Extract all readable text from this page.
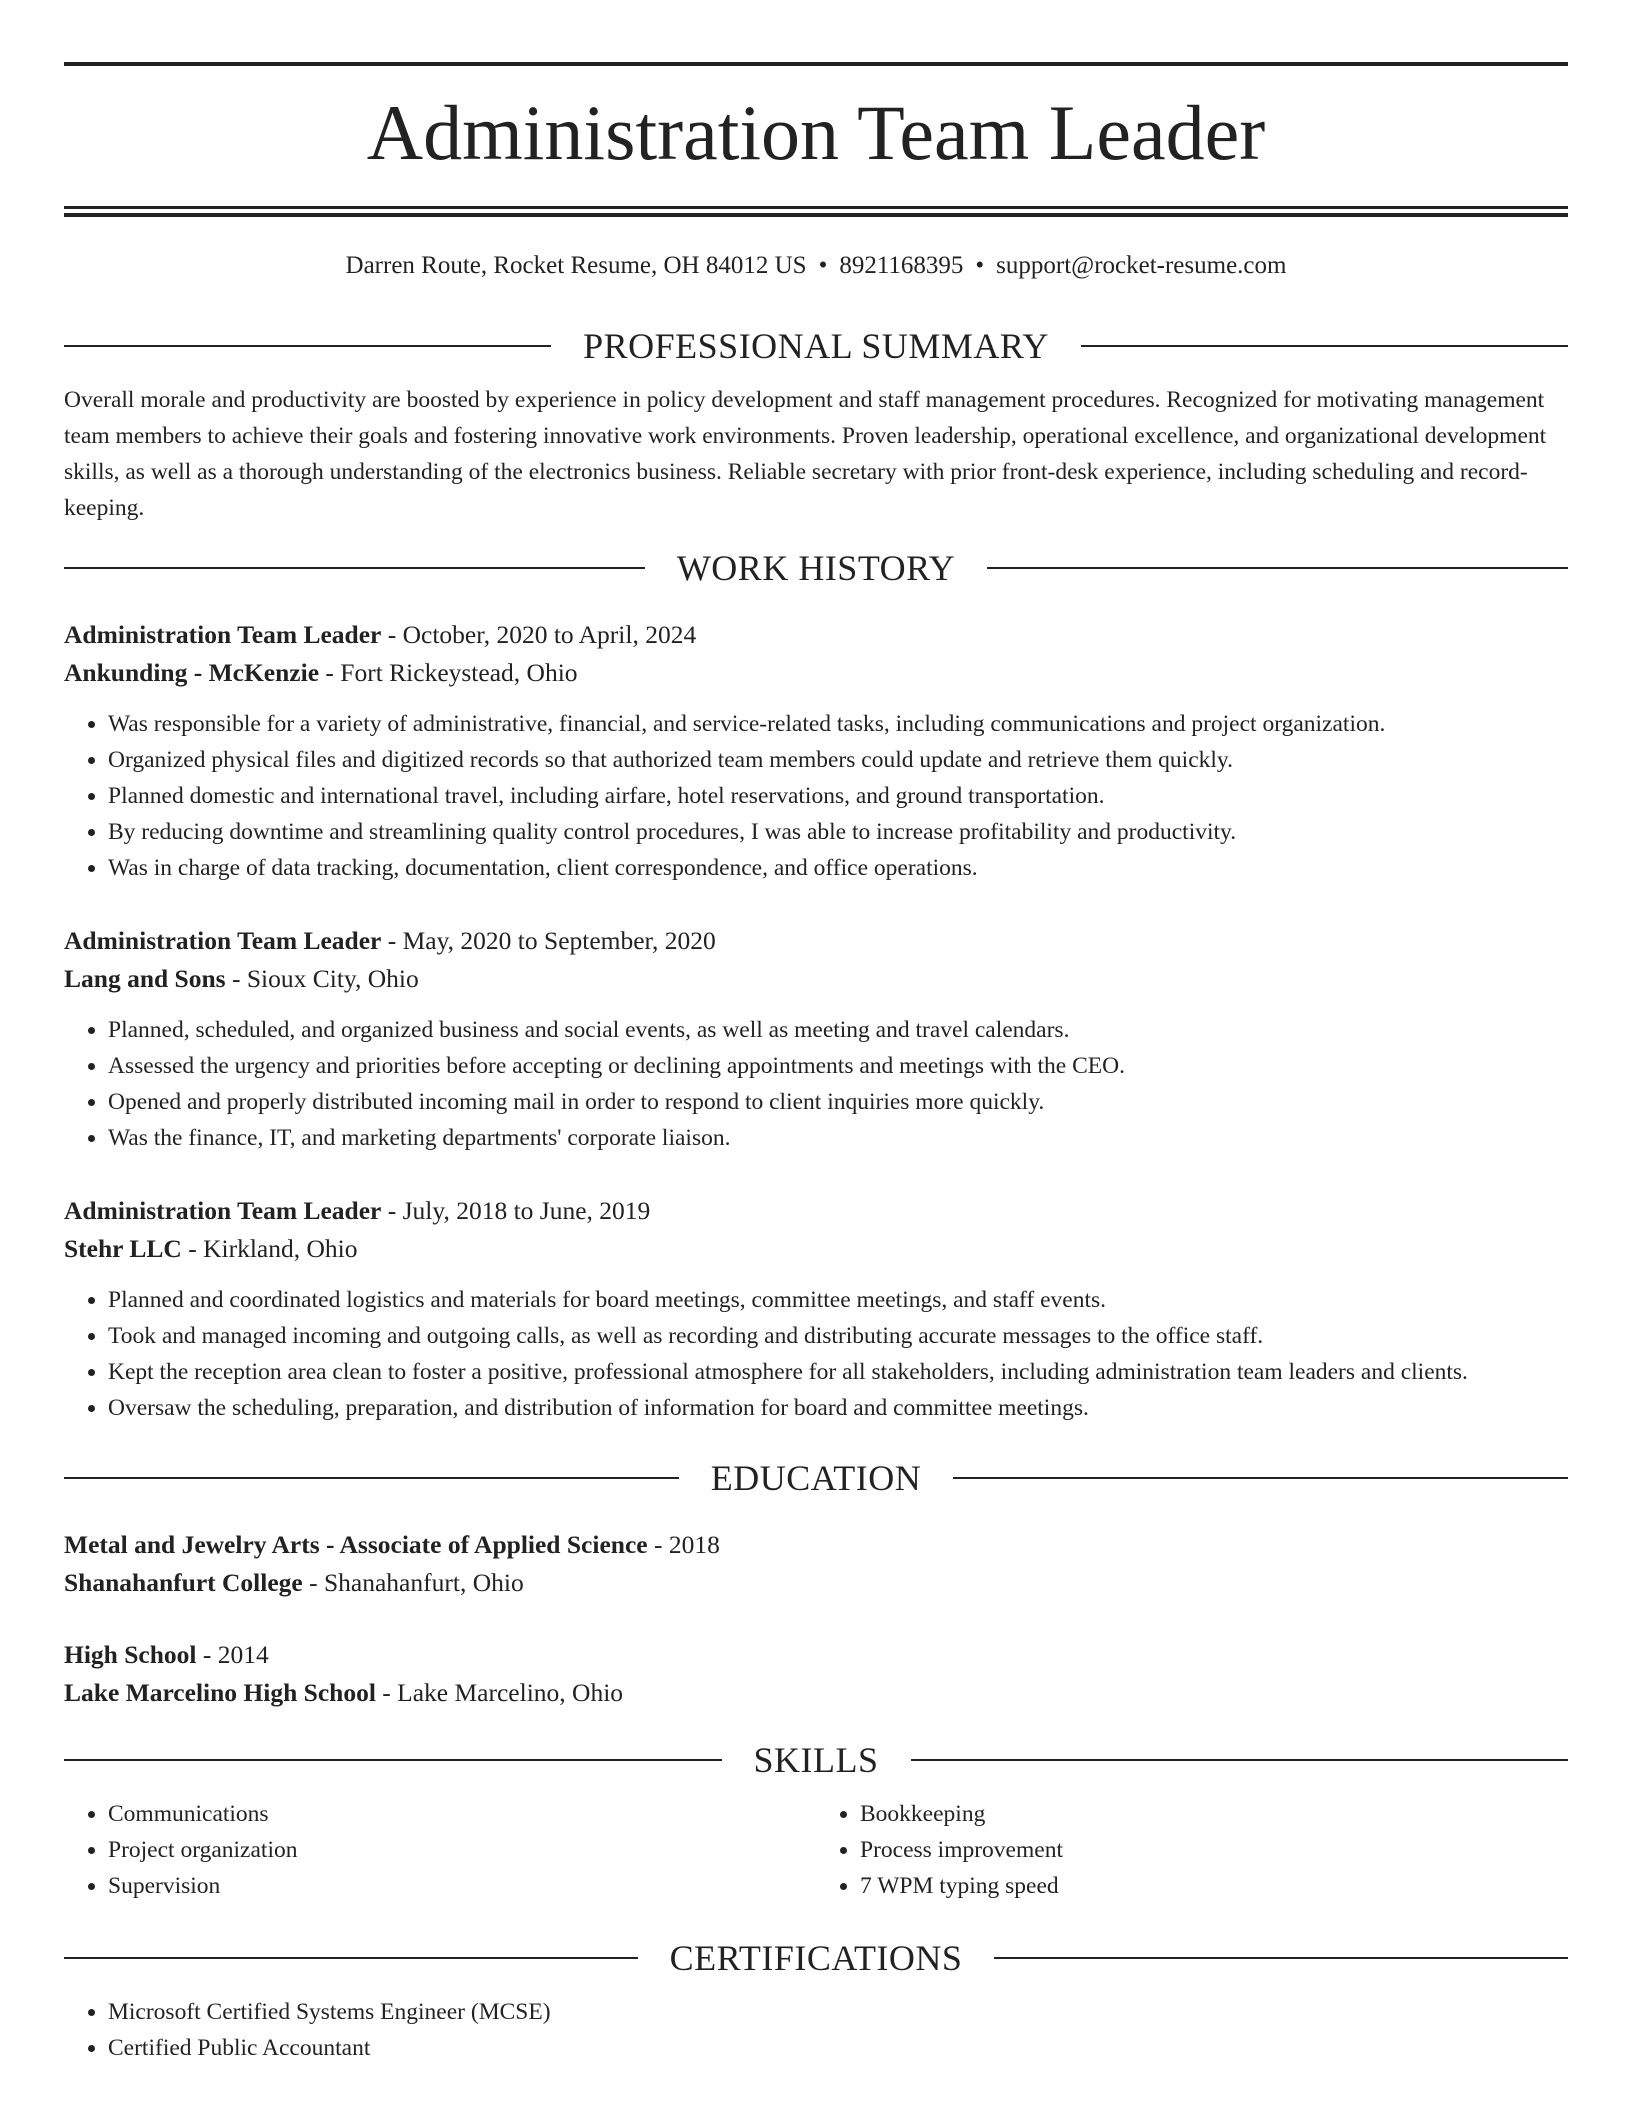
Administration Team Leader
Darren Route, Rocket Resume, OH 84012 US • 8921168395 • support@rocket-resume.com
PROFESSIONAL SUMMARY

Overall morale and productivity are boosted by experience in policy development and staff management procedures. Recognized for motivating management team members to achieve their goals and fostering innovative work environments. Proven leadership, operational excellence, and organizational development skills, as well as a thorough understanding of the electronics business. Reliable secretary with prior front-desk experience, including scheduling and record-keeping.

WORK HISTORY
Administration Team Leader - October, 2020 to April, 2024
Ankunding - McKenzie - Fort Rickeystead, Ohio
• Was responsible for a variety of administrative, financial, and service-related tasks, including communications and project organization.
• Organized physical files and digitized records so that authorized team members could update and retrieve them quickly.
• Planned domestic and international travel, including airfare, hotel reservations, and ground transportation.
• By reducing downtime and streamlining quality control procedures, I was able to increase profitability and productivity.
• Was in charge of data tracking, documentation, client correspondence, and office operations.
Administration Team Leader - May, 2020 to September, 2020
Lang and Sons - Sioux City, Ohio
• Planned, scheduled, and organized business and social events, as well as meeting and travel calendars.
• Assessed the urgency and priorities before accepting or declining appointments and meetings with the CEO.
• Opened and properly distributed incoming mail in order to respond to client inquiries more quickly.
• Was the finance, IT, and marketing departments' corporate liaison.
Administration Team Leader - July, 2018 to June, 2019
Stehr LLC - Kirkland, Ohio
• Planned and coordinated logistics and materials for board meetings, committee meetings, and staff events.
• Took and managed incoming and outgoing calls, as well as recording and distributing accurate messages to the office staff.
• Kept the reception area clean to foster a positive, professional atmosphere for all stakeholders, including administration team leaders and clients.
• Oversaw the scheduling, preparation, and distribution of information for board and committee meetings.
EDUCATION
Metal and Jewelry Arts - Associate of Applied Science - 2018
Shanahanfurt College - Shanahanfurt, Ohio
High School - 2014
Lake Marcelino High School - Lake Marcelino, Ohio
SKILLS
• Communications
• Project organization
• Supervision
• Bookkeeping
• Process improvement
• 7 WPM typing speed
CERTIFICATIONS
• Microsoft Certified Systems Engineer (MCSE)
• Certified Public Accountant
